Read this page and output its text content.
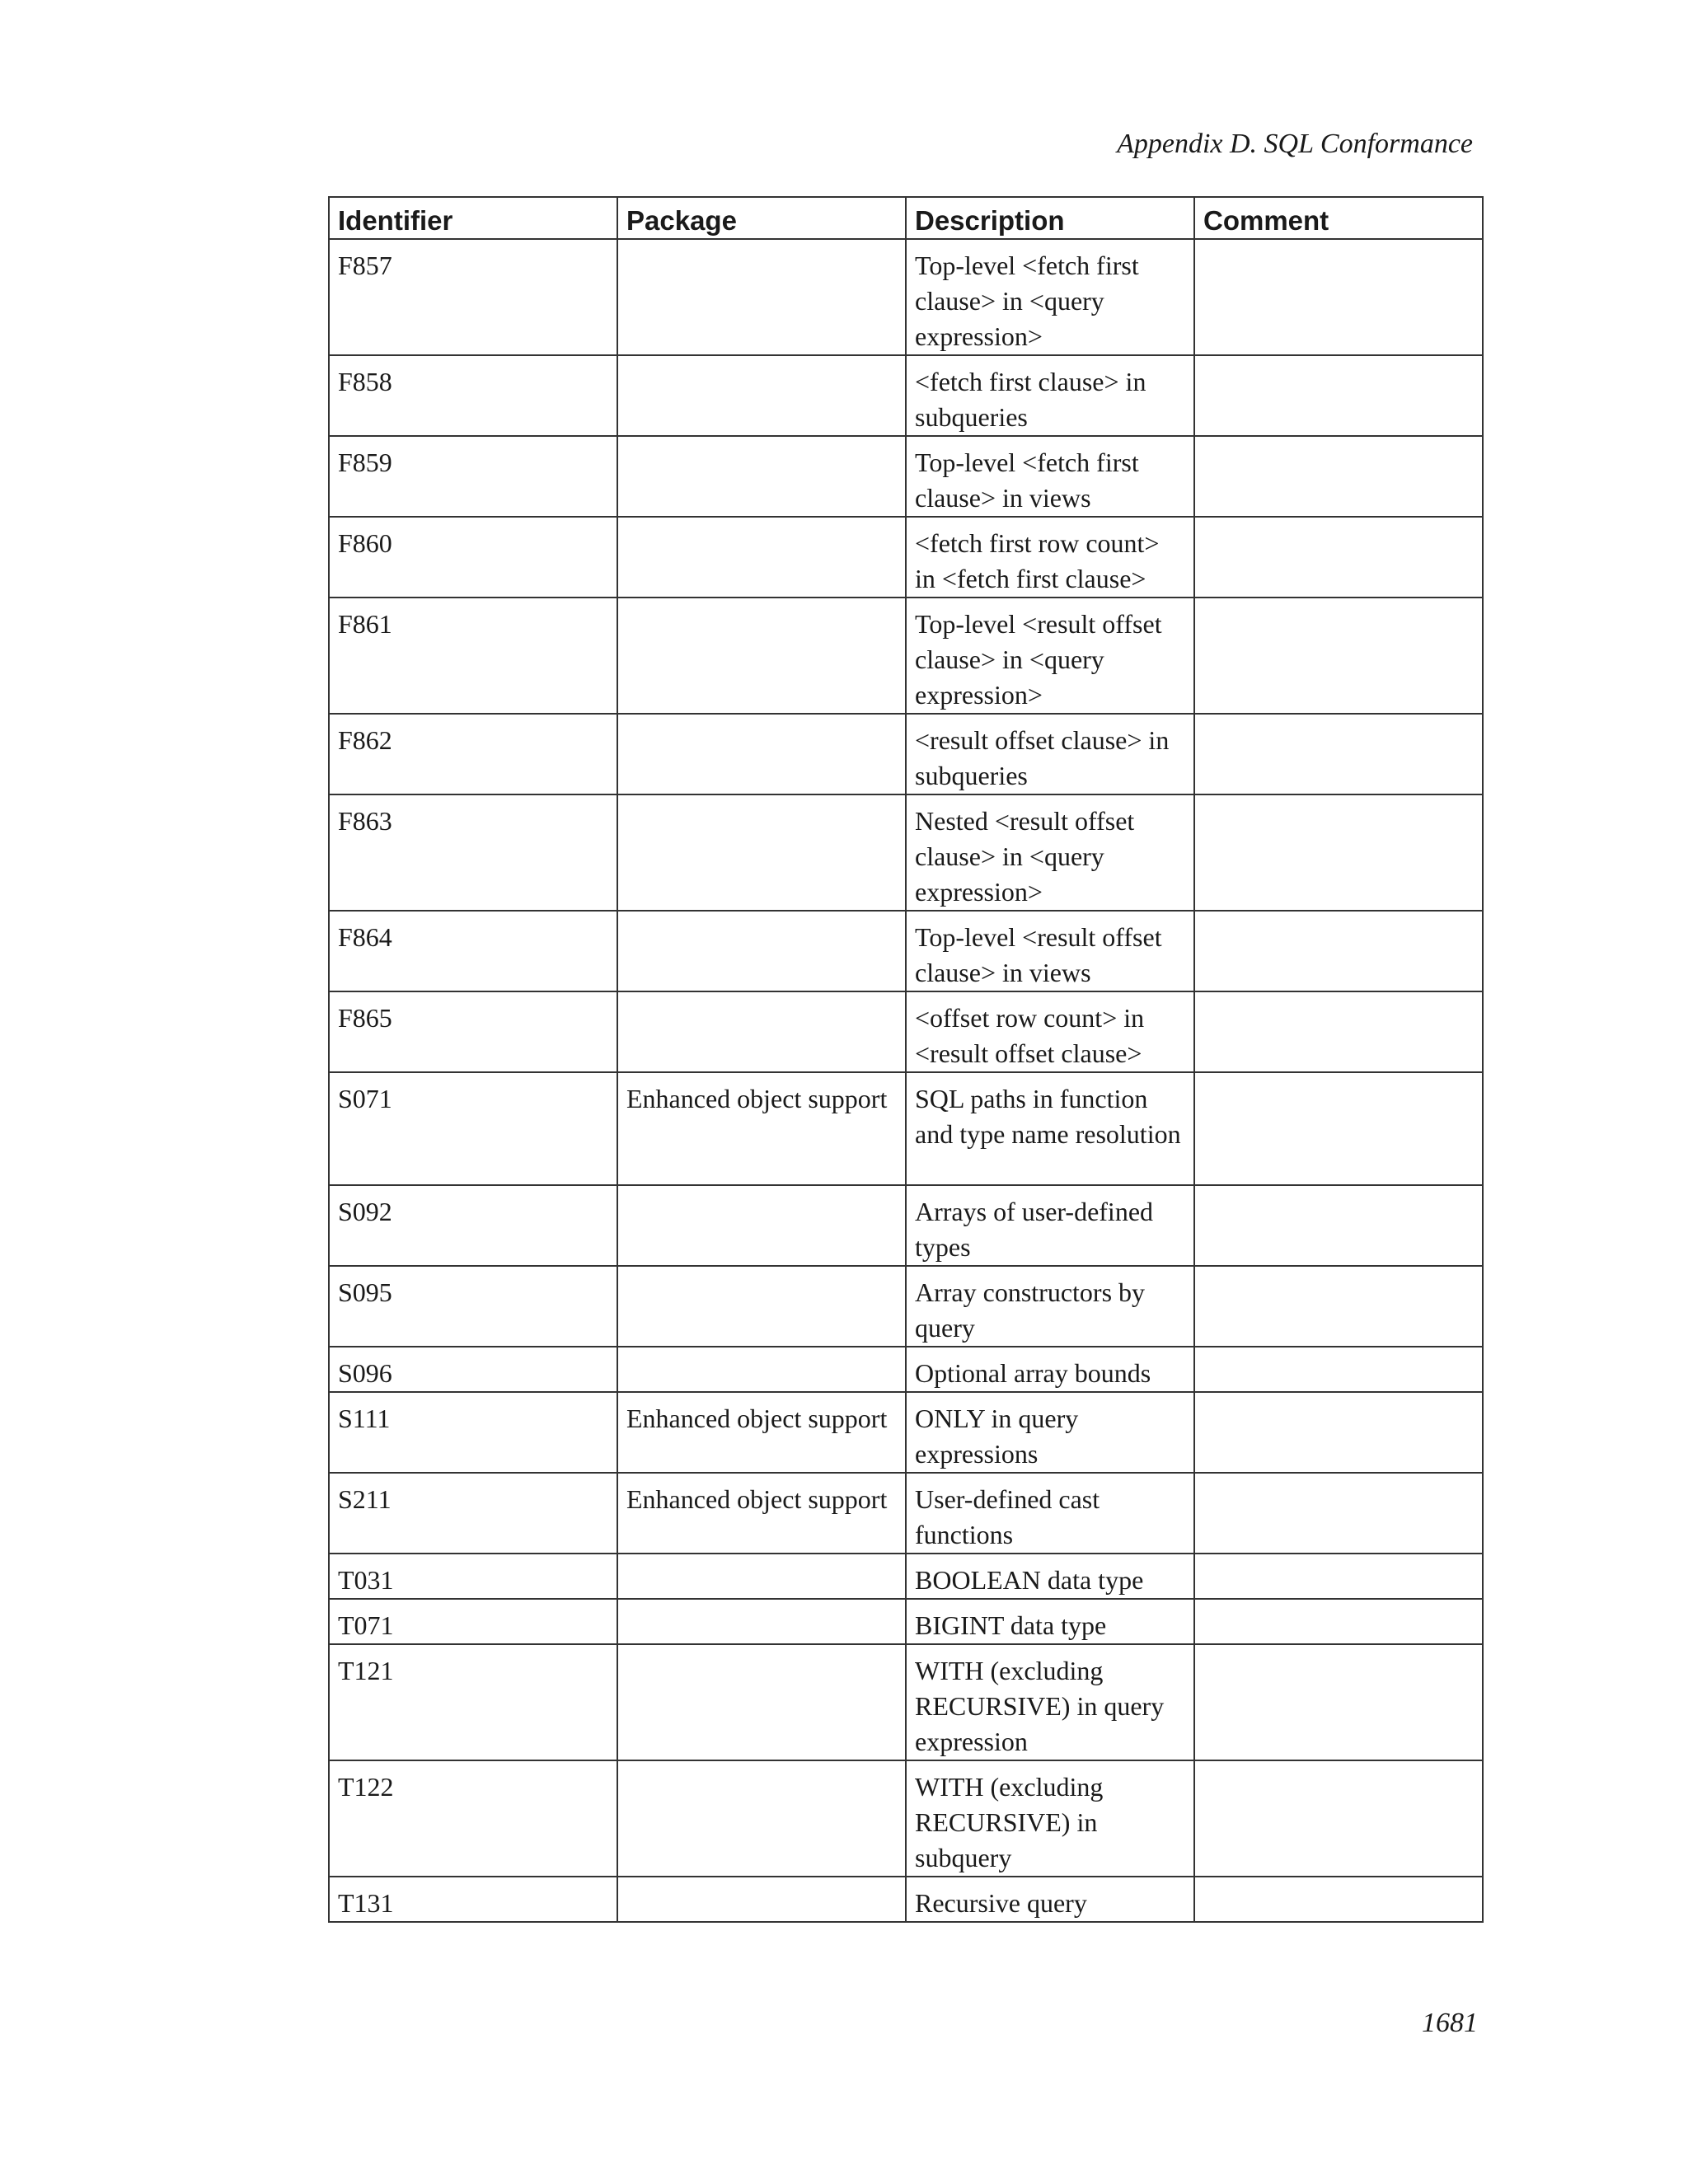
Appendix D. SQL Conformance
Identifier	Package	Description	Comment
F857		Top-level <fetch first clause> in <query expression>	
F858		<fetch first clause> in subqueries	
F859		Top-level <fetch first clause> in views	
F860		<fetch first row count> in <fetch first clause>	
F861		Top-level <result offset clause> in <query expression>	
F862		<result offset clause> in subqueries	
F863		Nested <result offset clause> in <query expression>	
F864		Top-level <result offset clause> in views	
F865		<offset row count> in <result offset clause>	
S071	Enhanced object support	SQL paths in function and type name resolution	
S092		Arrays of user-defined types	
S095		Array constructors by query	
S096		Optional array bounds	
S111	Enhanced object support	ONLY in query expressions	
S211	Enhanced object support	User-defined cast functions	
T031		BOOLEAN data type	
T071		BIGINT data type	
T121		WITH (excluding RECURSIVE) in query expression	
T122		WITH (excluding RECURSIVE) in subquery	
T131		Recursive query	
1681
